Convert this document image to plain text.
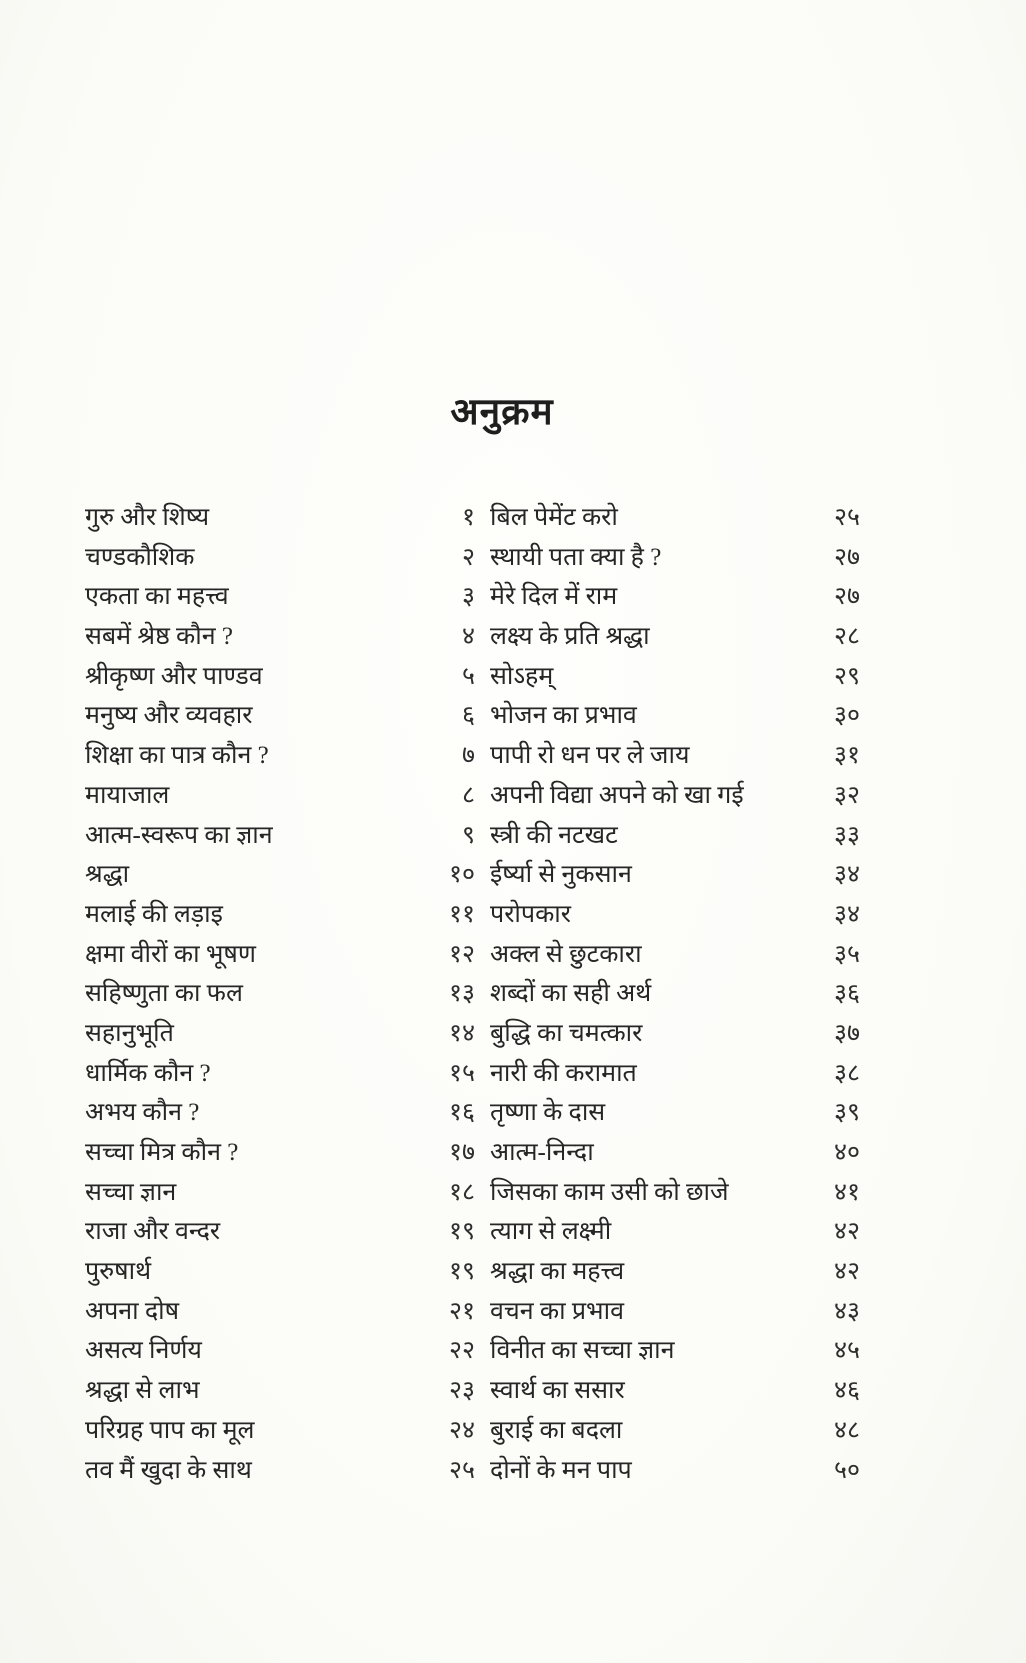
अनुक्रम
गुरु और शिष्य	१ बिल पेमेंट करो	२५
चण्डकौशिक	२ स्थायी पता क्या है ?	२७
एकता का महत्त्व	३ मेरे दिल में राम	२७
सबमें श्रेष्ठ कौन ?	४ लक्ष्य के प्रति श्रद्धा	२८
श्रीकृष्ण और पाण्डव	५ सोऽहम्	२९
मनुष्य और व्यवहार	६ भोजन का प्रभाव	३०
शिक्षा का पात्र कौन ?	७ पापी रो धन पर ले जाय	३१
मायाजाल	८ अपनी विद्या अपने को खा गई	३२
आत्म-स्वरूप का ज्ञान	९ स्त्री की नटखट	३३
श्रद्धा	१० ईर्ष्या से नुकसान	३४
मलाई की लड़ाइ	११ परोपकार	३४
क्षमा वीरों का भूषण	१२ अक्ल से छुटकारा	३५
सहिष्णुता का फल	१३ शब्दों का सही अर्थ	३६
सहानुभूति	१४ बुद्धि का चमत्कार	३७
धार्मिक कौन ?	१५ नारी की करामात	३८
अभय कौन ?	१६ तृष्णा के दास	३९
सच्चा मित्र कौन ?	१७ आत्म-निन्दा	४०
सच्चा ज्ञान	१८ जिसका काम उसी को छाजे	४१
राजा और वन्दर	१९ त्याग से लक्ष्मी	४२
पुरुषार्थ	१९ श्रद्धा का महत्त्व	४२
अपना दोष	२१ वचन का प्रभाव	४३
असत्य निर्णय	२२ विनीत का सच्चा ज्ञान	४५
श्रद्धा से लाभ	२३ स्वार्थ का ससार	४६
परिग्रह पाप का मूल	२४ बुराई का बदला	४८
तव मैं खुदा के साथ	२५ दोनों के मन पाप	५०
